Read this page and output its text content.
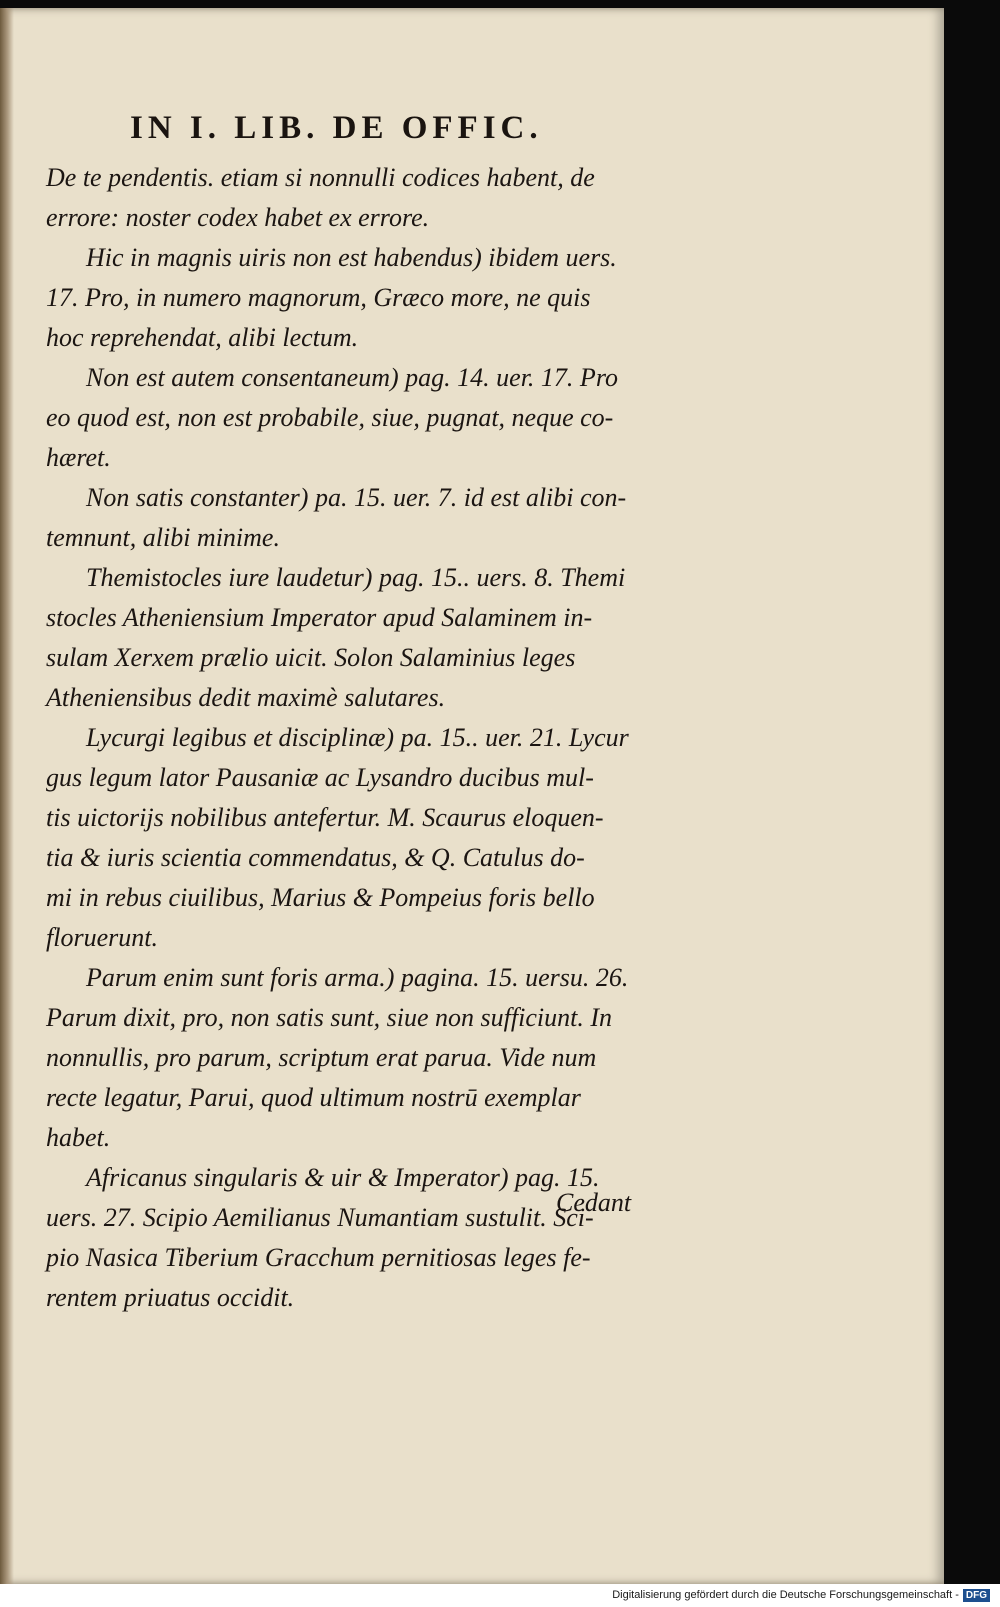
IN I. LIB. DE OFFIC.
De te pendentis. etiam si nonnulli codices habent, de
errore: noster codex habet ex errore.
Hic in magnis uiris non est habendus) ibidem uers.
17. Pro, in numero magnorum, Græco more, ne quis
hoc reprehendat, alibi lectum.
Non est autem consentaneum) pag. 14. uer. 17. Pro
eo quod est, non est probabile, siue, pugnat, neque co-
hæret.
Non satis constanter) pa. 15. uer. 7. id est alibi con-
temnunt, alibi minime.
Themistocles iure laudetur) pag. 15.. uers. 8. Themi
stocles Atheniensium Imperator apud Salaminem in-
sulam Xerxem prælio uicit. Solon Salaminius leges
Atheniensibus dedit maximè salutares.
Lycurgi legibus et disciplinæ) pa. 15.. uer. 21. Lycur
gus legum lator Pausaniæ ac Lysandro ducibus mul-
tis uictorijs nobilibus antefertur. M. Scaurus eloquen-
tia & iuris scientia commendatus, & Q. Catulus do-
mi in rebus ciuilibus, Marius & Pompeius foris bello
floruerunt.
Parum enim sunt foris arma.) pagina. 15. uersu. 26.
Parum dixit, pro, non satis sunt, siue non sufficiunt. In
nonnullis, pro parum, scriptum erat parua. Vide num
recte legatur, Parui, quod ultimum nostrū exemplar
habet.
Africanus singularis & uir & Imperator) pag. 15.
uers. 27. Scipio Aemilianus Numantiam sustulit. Sci-
pio Nasica Tiberium Gracchum pernitiosas leges fe-
rentem priuatus occidit.
Cedant
Digitalisierung gefördert durch die Deutsche Forschungsgemeinschaft - DFG
